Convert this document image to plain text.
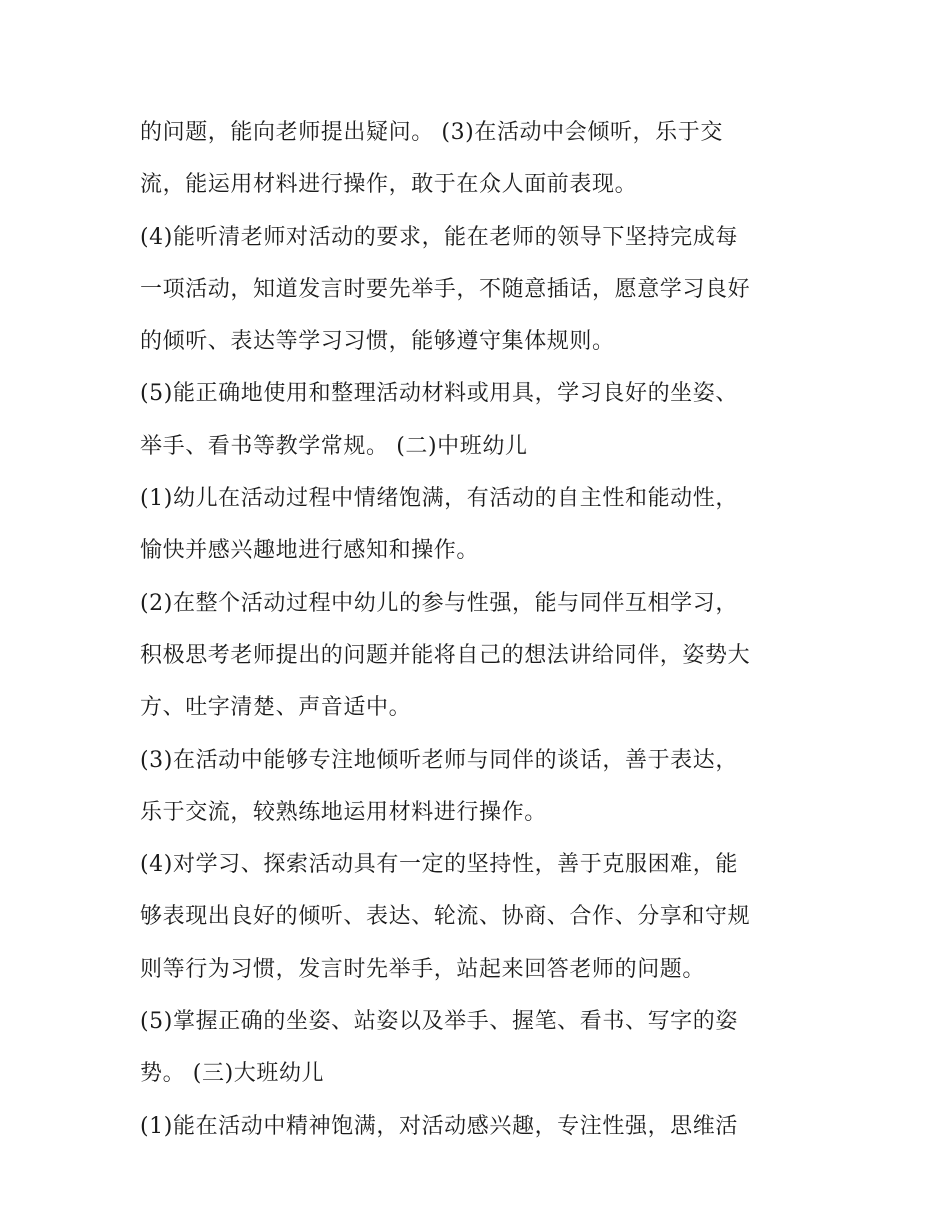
的问题，能向老师提出疑问。 (3)在活动中会倾听，乐于交
流，能运用材料进行操作，敢于在众人面前表现。
(4)能听清老师对活动的要求，能在老师的领导下坚持完成每
一项活动，知道发言时要先举手，不随意插话，愿意学习良好
的倾听、表达等学习习惯，能够遵守集体规则。
(5)能正确地使用和整理活动材料或用具，学习良好的坐姿、
举手、看书等教学常规。 (二)中班幼儿
(1)幼儿在活动过程中情绪饱满，有活动的自主性和能动性，
愉快并感兴趣地进行感知和操作。
(2)在整个活动过程中幼儿的参与性强，能与同伴互相学习，
积极思考老师提出的问题并能将自己的想法讲给同伴，姿势大
方、吐字清楚、声音适中。
(3)在活动中能够专注地倾听老师与同伴的谈话，善于表达，
乐于交流，较熟练地运用材料进行操作。
(4)对学习、探索活动具有一定的坚持性，善于克服困难，能
够表现出良好的倾听、表达、轮流、协商、合作、分享和守规
则等行为习惯，发言时先举手，站起来回答老师的问题。
(5)掌握正确的坐姿、站姿以及举手、握笔、看书、写字的姿
势。 (三)大班幼儿
(1)能在活动中精神饱满，对活动感兴趣，专注性强，思维活
